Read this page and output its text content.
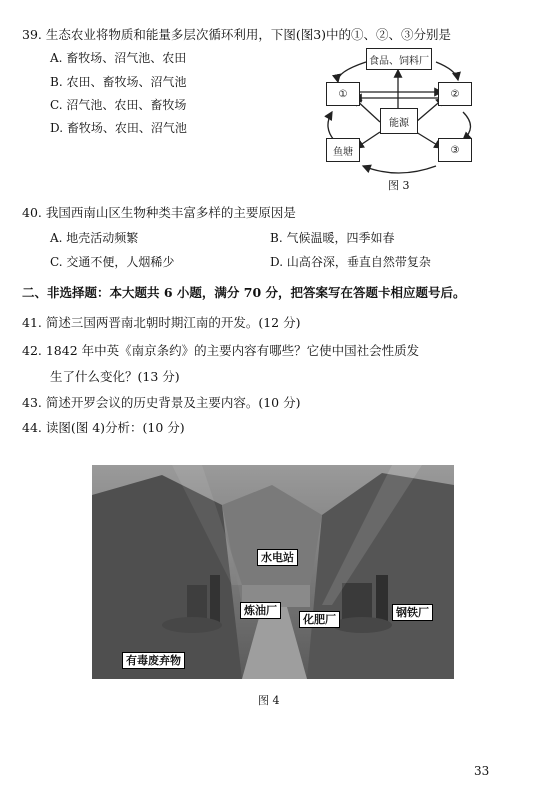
39. 生态农业将物质和能量多层次循环利用，下图(图3)中的①、②、③分别是
A. 畜牧场、沼气池、农田
B. 农田、畜牧场、沼气池
C. 沼气池、农田、畜牧场
D. 畜牧场、农田、沼气池
食品、饲料厂
①	②
能源
鱼塘	③
图 3
40. 我国西南山区生物种类丰富多样的主要原因是
A. 地壳活动频繁	B. 气候温暖，四季如春
C. 交通不便，人烟稀少	D. 山高谷深，垂直自然带复杂
二、非选择题：本大题共 6 小题，满分 70 分，把答案写在答题卡相应题号后。
41. 简述三国两晋南北朝时期江南的开发。(12 分)
42. 1842 年中英《南京条约》的主要内容有哪些？它使中国社会性质发
生了什么变化？(13 分)
43. 简述开罗会议的历史背景及主要内容。(10 分)
44. 读图(图 4)分析：(10 分)
水电站
炼油厂
化肥厂
钢铁厂
有毒废弃物
图 4
33
